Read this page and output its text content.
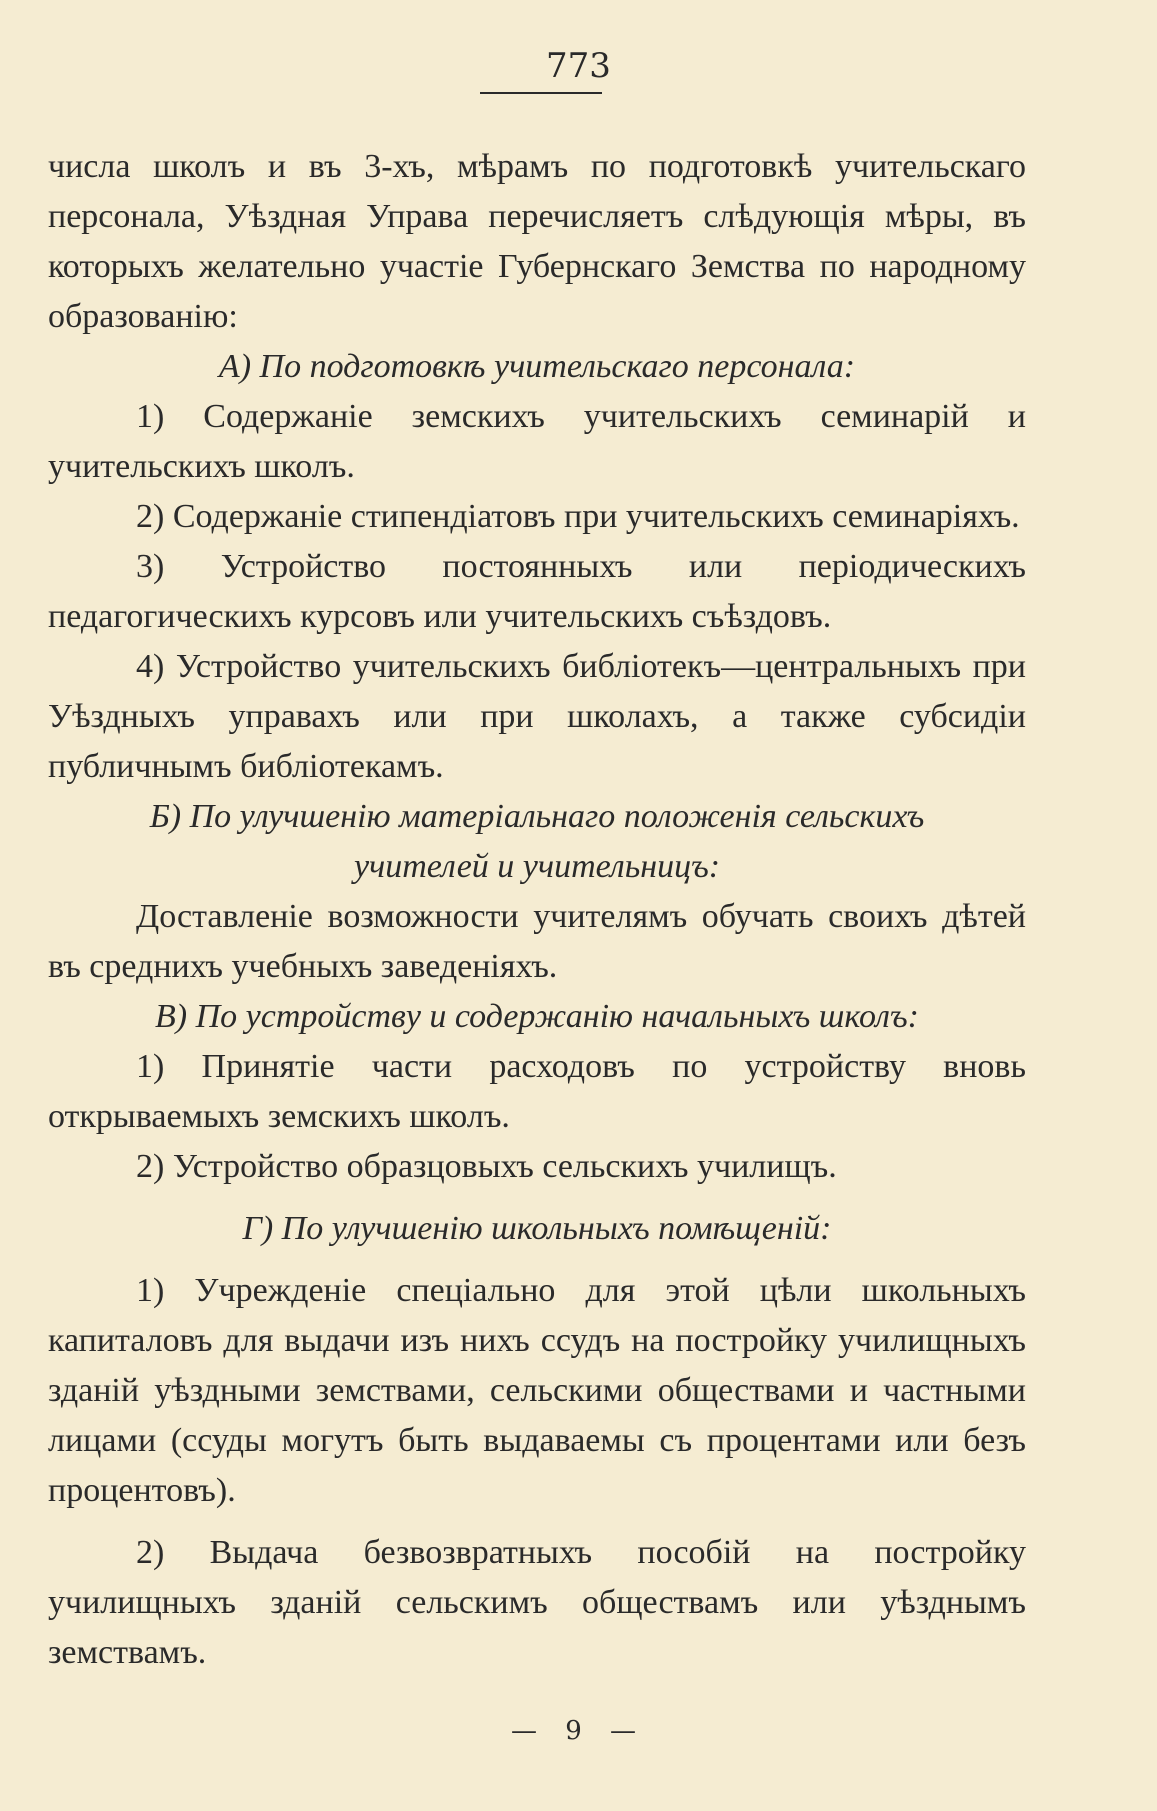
773

числа школъ и въ 3-хъ, мѣрамъ по подготовкѣ учительскаго персонала, Уѣздная Управа перечисляетъ слѣдующія мѣры, въ которыхъ желательно участіе Губернскаго Земства по народному образованію:

А) По подготовкѣ учительскаго персонала:

1) Содержаніе земскихъ учительскихъ семинарій и учительскихъ школъ.

2) Содержаніе стипендіатовъ при учительскихъ семинаріяхъ.

3) Устройство постоянныхъ или періодическихъ педагогическихъ курсовъ или учительскихъ съѣздовъ.

4) Устройство учительскихъ библіотекъ—центральныхъ при Уѣздныхъ управахъ или при школахъ, а также субсидіи публичнымъ библіотекамъ.

Б) По улучшенію матеріальнаго положенія сельскихъ

учителей и учительницъ:

Доставленіе возможности учителямъ обучать своихъ дѣтей въ среднихъ учебныхъ заведеніяхъ.

В) По устройству и содержанію начальныхъ школъ:

1) Принятіе части расходовъ по устройству вновь открываемыхъ земскихъ школъ.

2) Устройство образцовыхъ сельскихъ училищъ.

Г) По улучшенію школьныхъ помѣщеній:

1) Учрежденіе спеціально для этой цѣли школьныхъ капиталовъ для выдачи изъ нихъ ссудъ на постройку училищныхъ зданій уѣздными земствами, сельскими обществами и частными лицами (ссуды могутъ быть выдаваемы съ процентами или безъ процентовъ).

2) Выдача безвозвратныхъ пособій на постройку училищныхъ зданій сельскимъ обществамъ или уѣзднымъ земствамъ.

— 9 —
